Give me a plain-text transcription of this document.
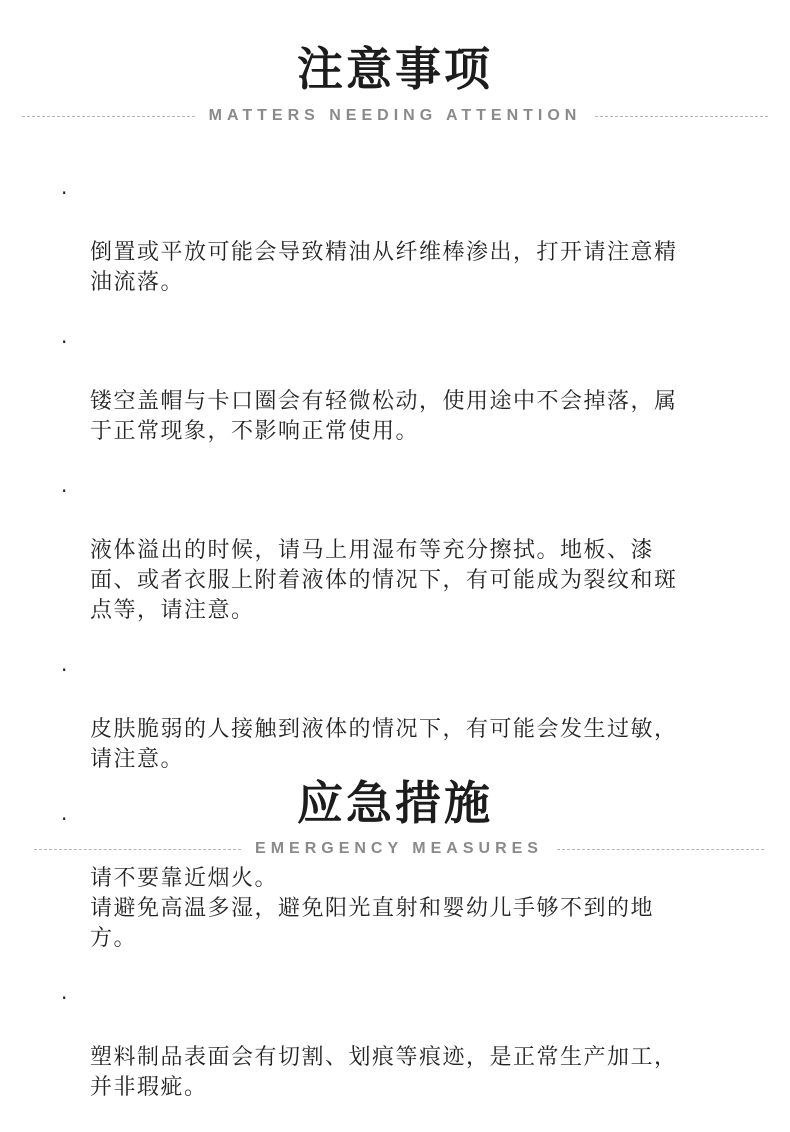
注意事项
MATTERS NEEDING ATTENTION

·

倒置或平放可能会导致精油从纤维棒渗出，打开请注意精
油流落。

·

镂空盖帽与卡口圈会有轻微松动，使用途中不会掉落，属
于正常现象，不影响正常使用。

·

液体溢出的时候，请马上用湿布等充分擦拭。地板、漆
面、或者衣服上附着液体的情况下，有可能成为裂纹和斑
点等，请注意。

·

皮肤脆弱的人接触到液体的情况下，有可能会发生过敏，
请注意。

·

请不要靠近烟火。
请避免高温多湿，避免阳光直射和婴幼儿手够不到的地
方。

·

塑料制品表面会有切割、划痕等痕迹，是正常生产加工，
并非瑕疵。

应急措施
EMERGENCY MEASURES
